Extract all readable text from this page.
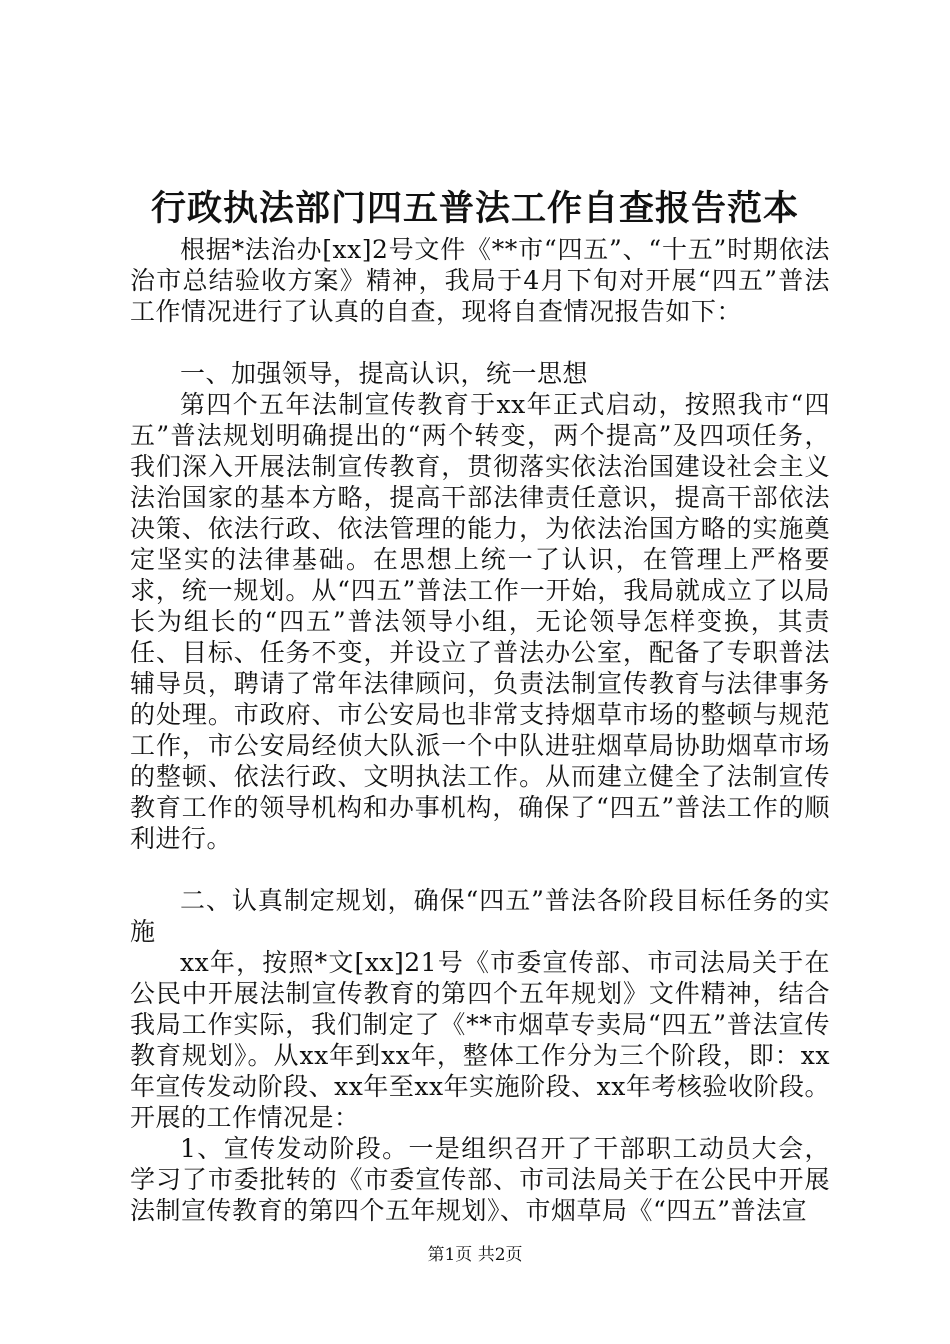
行政执法部门四五普法工作自查报告范本

根据*法治办[xx]2号文件《**市“四五”、“十五”时期依法治市总结验收方案》精神，我局于4月下旬对开展“四五”普法工作情况进行了认真的自查，现将自查情况报告如下：

一、加强领导，提高认识，统一思想

第四个五年法制宣传教育于xx年正式启动，按照我市“四五”普法规划明确提出的“两个转变，两个提高”及四项任务，我们深入开展法制宣传教育，贯彻落实依法治国建设社会主义法治国家的基本方略，提高干部法律责任意识，提高干部依法决策、依法行政、依法管理的能力，为依法治国方略的实施奠定坚实的法律基础。在思想上统一了认识，在管理上严格要求，统一规划。从“四五”普法工作一开始，我局就成立了以局长为组长的“四五”普法领导小组，无论领导怎样变换，其责任、目标、任务不变，并设立了普法办公室，配备了专职普法辅导员，聘请了常年法律顾问，负责法制宣传教育与法律事务的处理。市政府、市公安局也非常支持烟草市场的整顿与规范工作，市公安局经侦大队派一个中队进驻烟草局协助烟草市场的整顿、依法行政、文明执法工作。从而建立健全了法制宣传教育工作的领导机构和办事机构，确保了“四五”普法工作的顺利进行。

二、认真制定规划，确保“四五”普法各阶段目标任务的实施

xx年，按照*文[xx]21号《市委宣传部、市司法局关于在公民中开展法制宣传教育的第四个五年规划》文件精神，结合我局工作实际，我们制定了《**市烟草专卖局“四五”普法宣传教育规划》。从xx年到xx年，整体工作分为三个阶段，即：xx年宣传发动阶段、xx年至xx年实施阶段、xx年考核验收阶段。开展的工作情况是：

1、宣传发动阶段。一是组织召开了干部职工动员大会，学习了市委批转的《市委宣传部、市司法局关于在公民中开展法制宣传教育的第四个五年规划》、市烟草局《“四五”普法宣

第1页 共2页
